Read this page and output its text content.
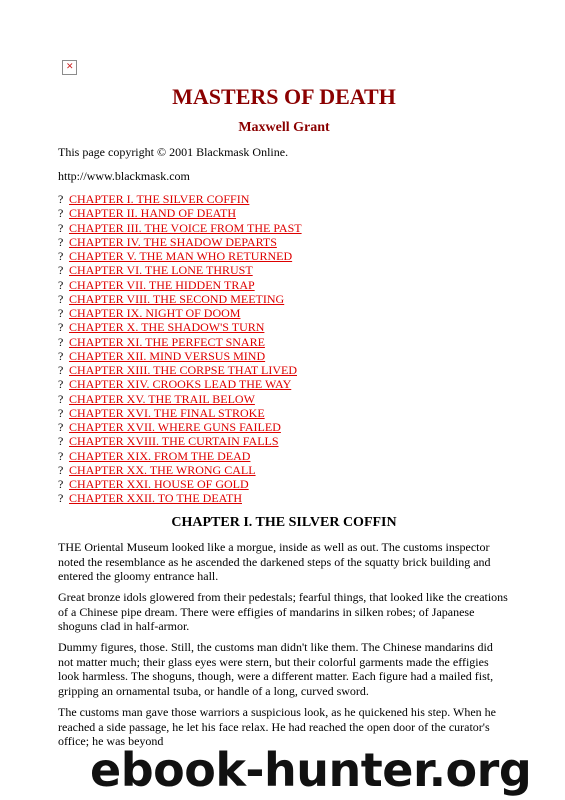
✕
MASTERS OF DEATH
Maxwell Grant
This page copyright © 2001 Blackmask Online.
http://www.blackmask.com
? CHAPTER I. THE SILVER COFFIN
? CHAPTER II. HAND OF DEATH
? CHAPTER III. THE VOICE FROM THE PAST
? CHAPTER IV. THE SHADOW DEPARTS
? CHAPTER V. THE MAN WHO RETURNED
? CHAPTER VI. THE LONE THRUST
? CHAPTER VII. THE HIDDEN TRAP
? CHAPTER VIII. THE SECOND MEETING
? CHAPTER IX. NIGHT OF DOOM
? CHAPTER X. THE SHADOW'S TURN
? CHAPTER XI. THE PERFECT SNARE
? CHAPTER XII. MIND VERSUS MIND
? CHAPTER XIII. THE CORPSE THAT LIVED
? CHAPTER XIV. CROOKS LEAD THE WAY
? CHAPTER XV. THE TRAIL BELOW
? CHAPTER XVI. THE FINAL STROKE
? CHAPTER XVII. WHERE GUNS FAILED
? CHAPTER XVIII. THE CURTAIN FALLS
? CHAPTER XIX. FROM THE DEAD
? CHAPTER XX. THE WRONG CALL
? CHAPTER XXI. HOUSE OF GOLD
? CHAPTER XXII. TO THE DEATH
CHAPTER I. THE SILVER COFFIN

THE Oriental Museum looked like a morgue, inside as well as out. The customs inspector noted the resemblance as he ascended the darkened steps of the squatty brick building and entered the gloomy entrance hall.

Great bronze idols glowered from their pedestals; fearful things, that looked like the creations of a Chinese pipe dream. There were effigies of mandarins in silken robes; of Japanese shoguns clad in half-armor.

Dummy figures, those. Still, the customs man didn't like them. The Chinese mandarins did not matter much; their glass eyes were stern, but their colorful garments made the effigies look harmless. The shoguns, though, were a different matter. Each figure had a mailed fist, gripping an ornamental tsuba, or handle of a long, curved sword.

The customs man gave those warriors a suspicious look, as he quickened his step. When he reached a side passage, he let his face relax. He had reached the open door of the curator's office; he was beyond

ebook-hunter.org
